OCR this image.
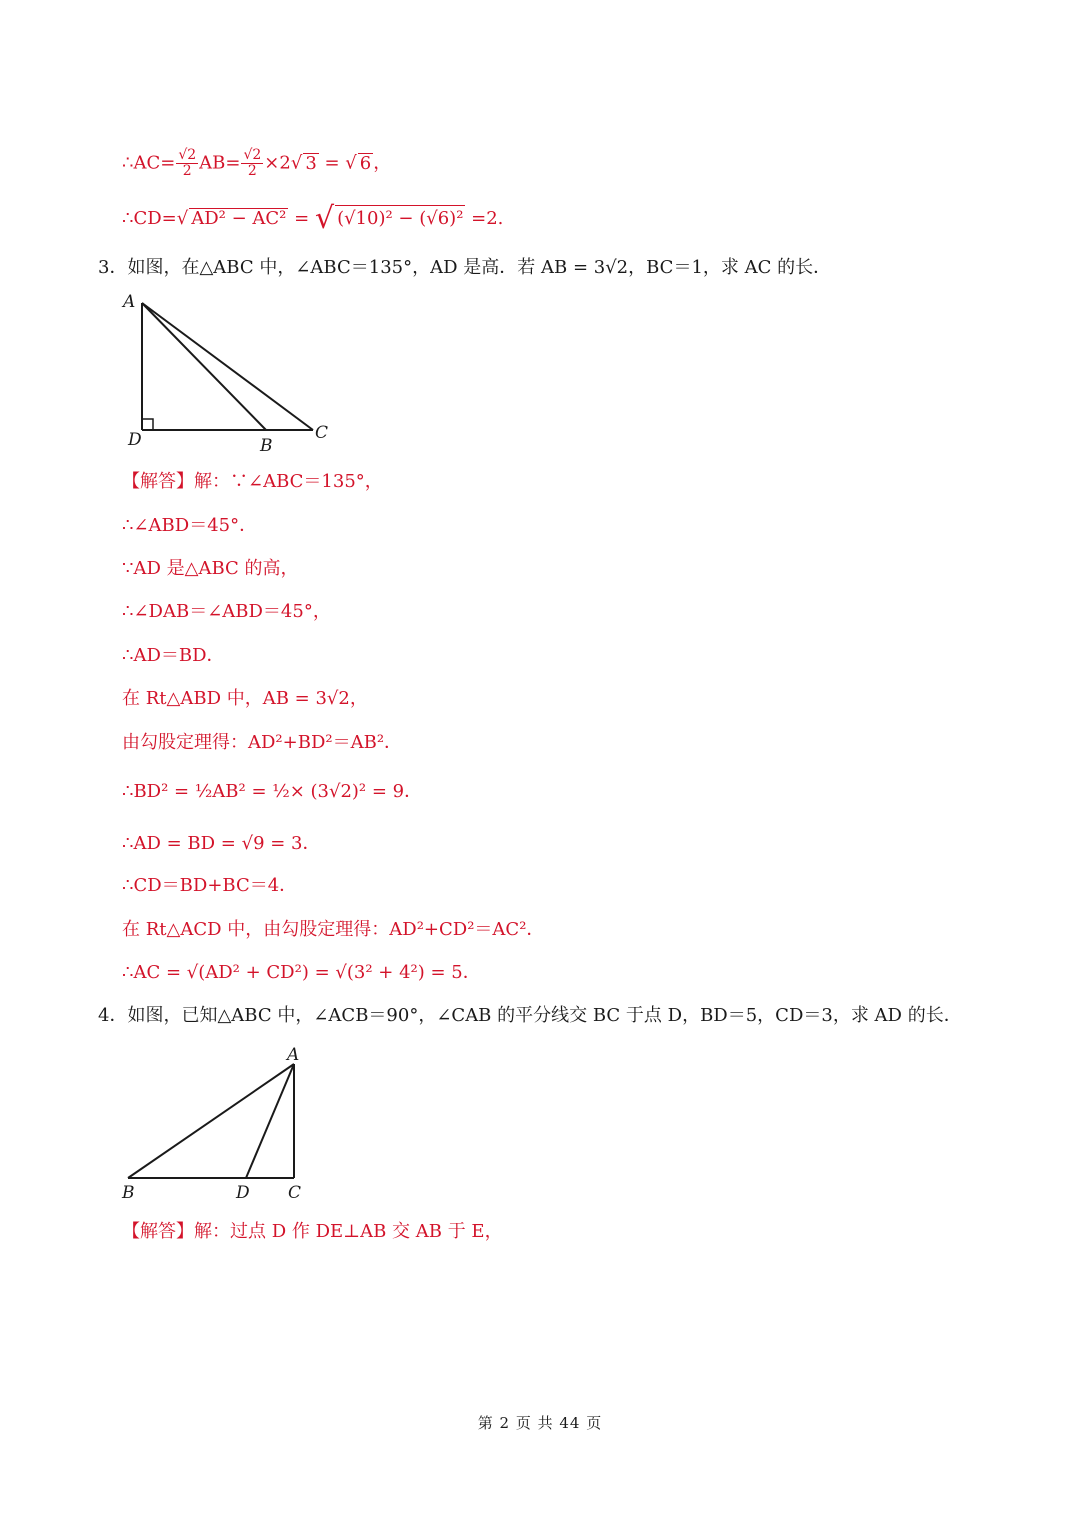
∴AC= $\frac{√2}{2} AB= \frac{√2}{2} \times 2√$ 3 = √ 6 ，
∴CD=√ AD² − AC² = √ (√10)² − (√6)² =2.
3．如图，在△ABC 中，∠ABC＝135°，AD 是高．若 AB = 3√2，BC＝1，求 AC 的长．
A
D	B
C
【解答】解：∵∠ABC＝135°，
∴∠ABD＝45°．
∵AD 是△ABC 的高，
∴∠DAB＝∠ABD＝45°，
∴AD＝BD．
在 Rt△ABD 中，AB = 3√2，
由勾股定理得：AD²+BD²＝AB²．
∴BD² = ½AB² = ½× (3√2)² = 9．
∴AD = BD = √9 = 3．
∴CD＝BD+BC＝4．
在 Rt△ACD 中，由勾股定理得：AD²+CD²＝AC²．
∴AC = √(AD² + CD²) = √(3² + 4²) = 5．
4．如图，已知△ABC 中，∠ACB＝90°，∠CAB 的平分线交 BC 于点 D，BD＝5，CD＝3，求 AD 的长．
A
B	D C
【解答】解：过点 D 作 DE⊥AB 交 AB 于 E，
第 2 页 共 44 页
